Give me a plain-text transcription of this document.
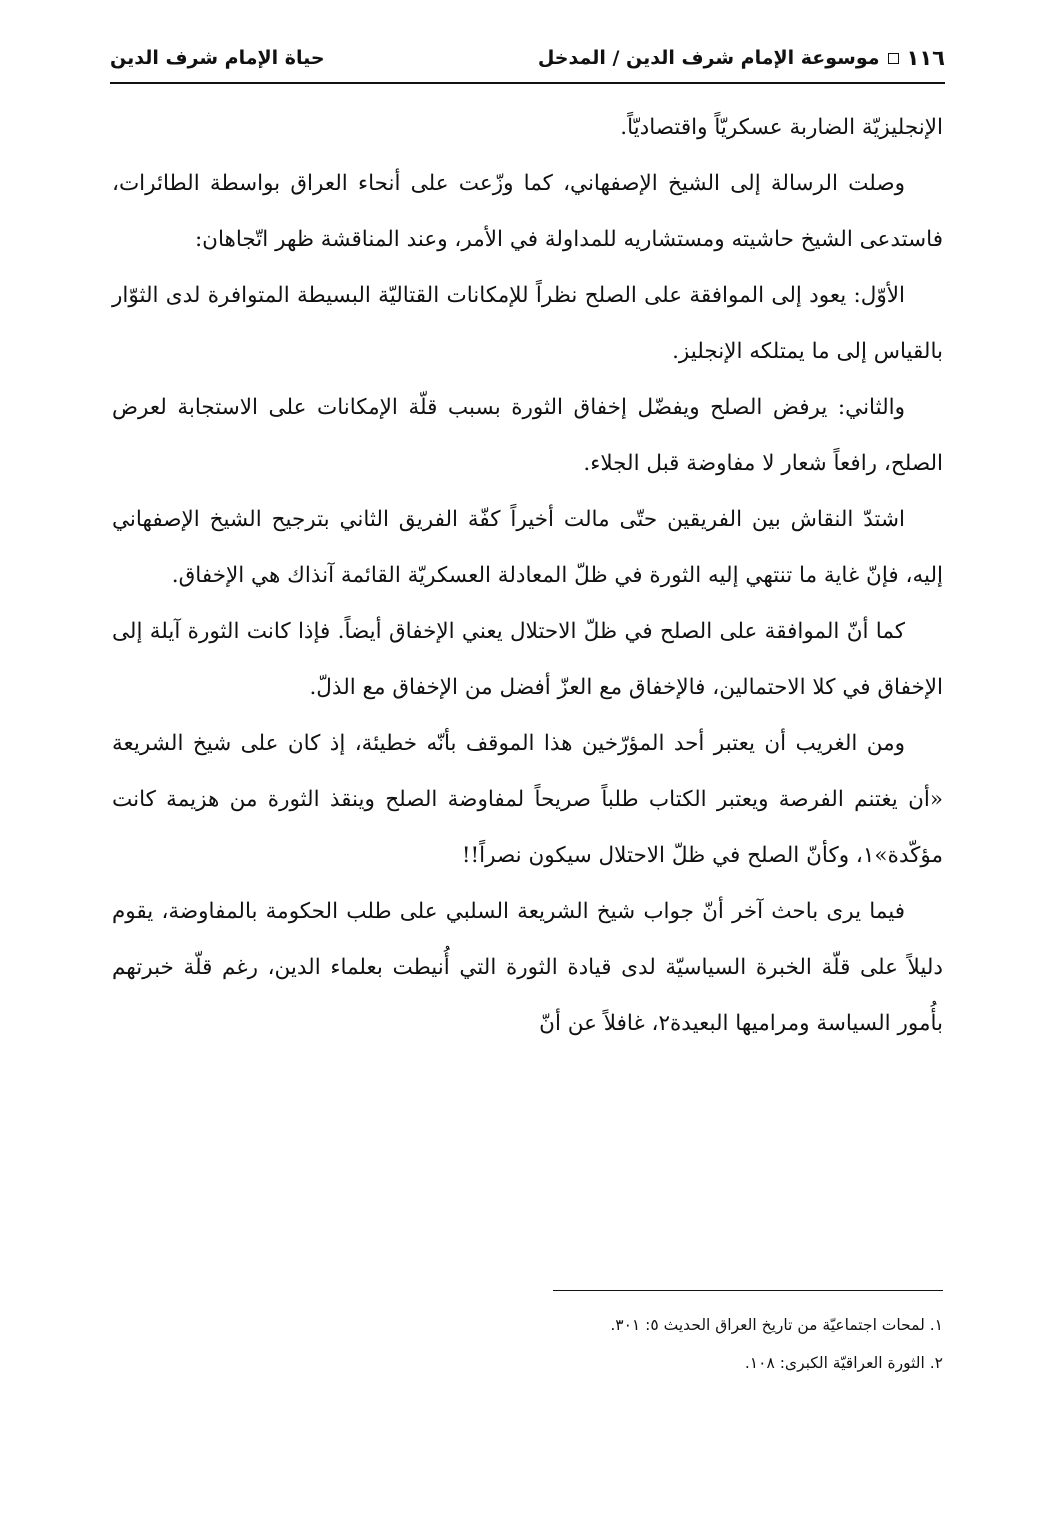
١١٦
موسوعة الإمام شرف الدين / المدخل
حياة الإمام شرف الدين

الإنجليزيّة الضاربة عسكريّاً واقتصاديّاً.

وصلت الرسالة إلى الشيخ الإصفهاني، كما وزّعت على أنحاء العراق بواسطة الطائرات، فاستدعى الشيخ حاشيته ومستشاريه للمداولة في الأمر، وعند المناقشة ظهر اتّجاهان:

الأوّل: يعود إلى الموافقة على الصلح نظراً للإمكانات القتاليّة البسيطة المتوافرة لدى الثوّار بالقياس إلى ما يمتلكه الإنجليز.

والثاني: يرفض الصلح ويفضّل إخفاق الثورة بسبب قلّة الإمكانات على الاستجابة لعرض الصلح، رافعاً شعار لا مفاوضة قبل الجلاء.

اشتدّ النقاش بين الفريقين حتّى مالت أخيراً كفّة الفريق الثاني بترجيح الشيخ الإصفهاني إليه، فإنّ غاية ما تنتهي إليه الثورة في ظلّ المعادلة العسكريّة القائمة آنذاك هي الإخفاق.

كما أنّ الموافقة على الصلح في ظلّ الاحتلال يعني الإخفاق أيضاً. فإذا كانت الثورة آيلة إلى الإخفاق في كلا الاحتمالين، فالإخفاق مع العزّ أفضل من الإخفاق مع الذلّ.

ومن الغريب أن يعتبر أحد المؤرّخين هذا الموقف بأنّه خطيئة، إذ كان على شيخ الشريعة «أن يغتنم الفرصة ويعتبر الكتاب طلباً صريحاً لمفاوضة الصلح وينقذ الثورة من هزيمة كانت مؤكّدة»١، وكأنّ الصلح في ظلّ الاحتلال سيكون نصراً!!

فيما يرى باحث آخر أنّ جواب شيخ الشريعة السلبي على طلب الحكومة بالمفاوضة، يقوم دليلاً على قلّة الخبرة السياسيّة لدى قيادة الثورة التي أُنيطت بعلماء الدين، رغم قلّة خبرتهم بأُمور السياسة ومراميها البعيدة٢، غافلاً عن أنّ

١. لمحات اجتماعيّة من تاريخ العراق الحديث ٥: ٣٠١.
٢. الثورة العراقيّة الكبرى: ١٠٨.
